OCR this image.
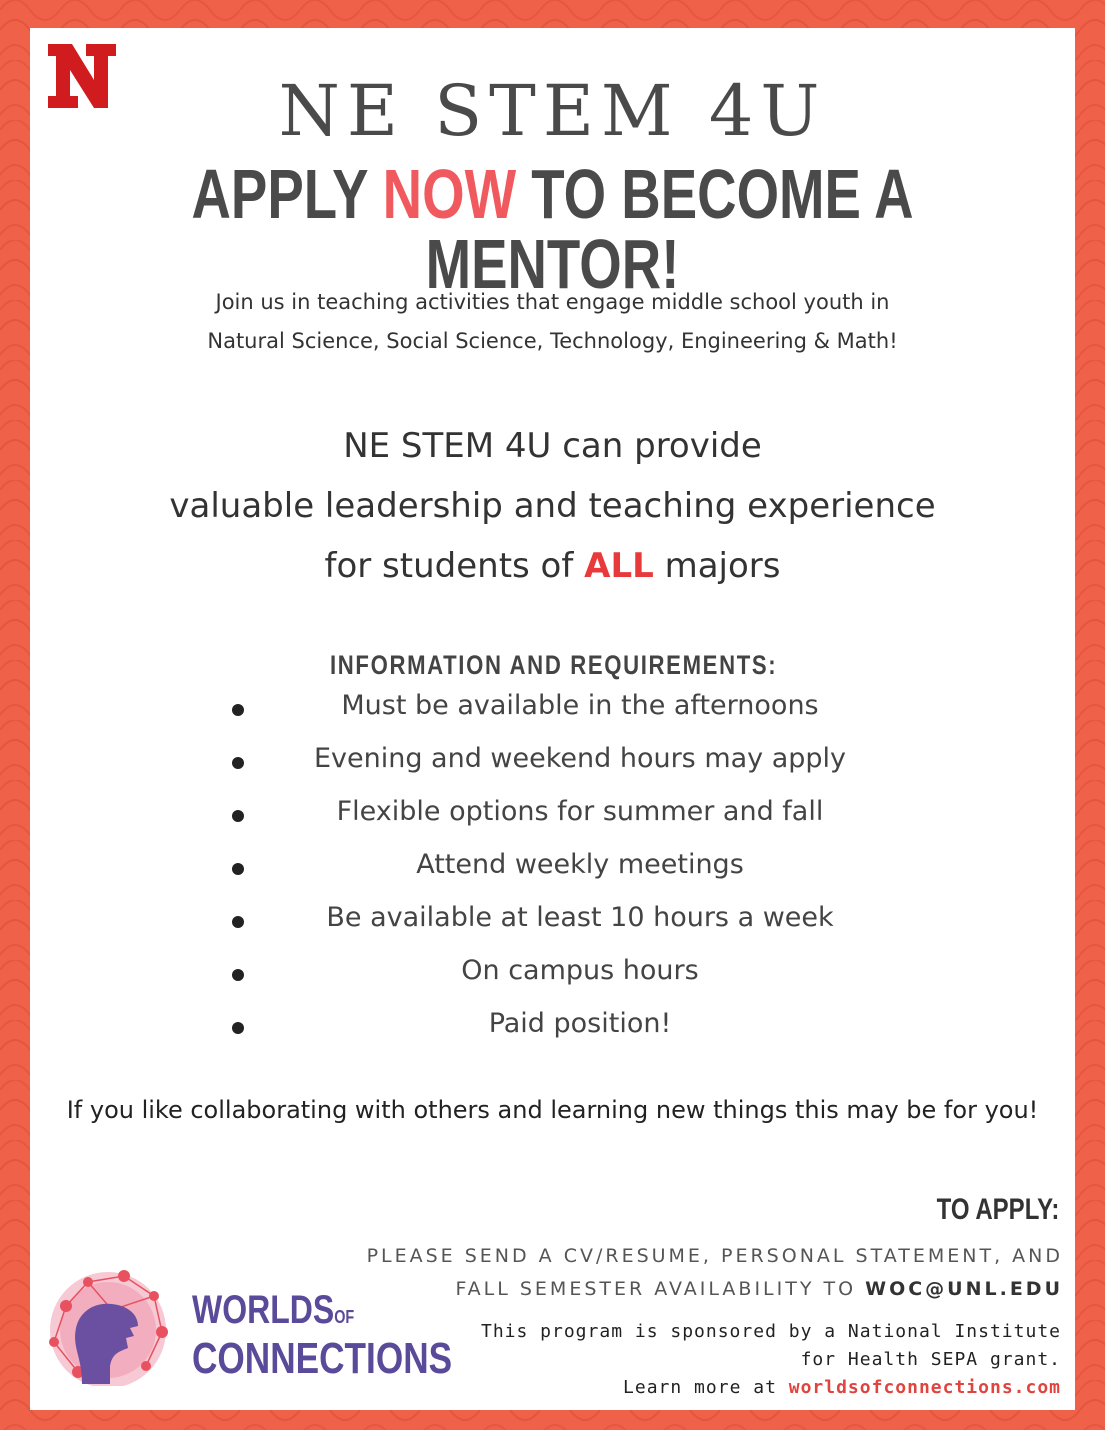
NE STEM 4U
APPLY NOW TO BECOME A MENTOR!
Join us in teaching activities that engage middle school youth in
Natural Science, Social Science, Technology, Engineering & Math!
NE STEM 4U can provide
valuable leadership and teaching experience
for students of ALL majors
INFORMATION AND REQUIREMENTS:
Must be available in the afternoons
Evening and weekend hours may apply
Flexible options for summer and fall
Attend weekly meetings
Be available at least 10 hours a week
On campus hours
Paid position!
If you like collaborating with others and learning new things this may be for you!
TO APPLY:
PLEASE SEND A CV/RESUME, PERSONAL STATEMENT, AND
FALL SEMESTER AVAILABILITY TO WOC@UNL.EDU
WORLDSOF
CONNECTIONS
This program is sponsored by a National Institute
for Health SEPA grant.
Learn more at worldsofconnections.com
